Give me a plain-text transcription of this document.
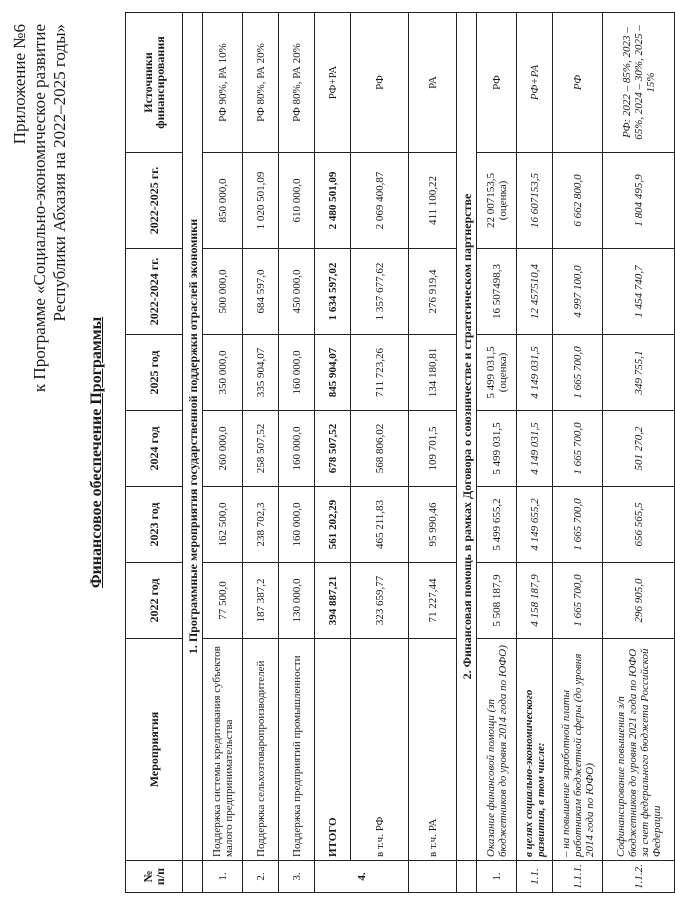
Приложение №6 к Программе «Социально-экономическое развитие Республики Абхазия на 2022–2025 годы»
Финансовое обеспечение Программы
№ п/п	Мероприятия	2022 год	2023 год	2024 год	2025 год	2022-2024 гг.	2022-2025 гг.	Источники финансирования
	1. Программные мероприятия государственной поддержки отраслей экономики							
1.	Поддержка системы кредитования субъектов малого предпринимательства	77 500,0	162 500,0	260 000,0	350 000,0	500 000,0	850 000,0	РФ 90%, РА 10%
2.	Поддержка сельхозтоваропроизводителей	187 387,2	238 702,3	258 507,52	335 904,07	684 597,0	1 020 501,09	РФ 80%, РА 20%
3.	Поддержка предприятий промышленности	130 000,0	160 000,0	160 000,0	160 000,0	450 000,0	610 000,0	РФ 80%, РА 20%
4.	ИТОГО	394 887,21	561 202,29	678 507,52	845 904,07	1 634 597,02	2 480 501,09	РФ+РА
	в т.ч. РФ	323 659,77	465 211,83	568 806,02	711 723,26	1 357 677,62	2 069 400,87	РФ
	в т.ч. РА	71 227,44	95 990,46	109 701,5	134 180,81	276 919,4	411 100,22	РА
	2. Финансовая помощь в рамках Договора о союзничестве и стратегическом партнерстве							
1.	Оказание финансовой помощи (зп бюджетников до уровня 2014 года по ЮФО)	5 508 187,9	5 499 655,2	5 499 031,5	5 499 031,5 (оценка)	16 507498,3	22 007153,5 (оценка)	РФ
1.1.	в целях социально-экономического развития, в том числе:	4 158 187,9	4 149 655,2	4 149 031,5	4 149 031,5	12 457510,4	16 607153,5	РФ+РА
1.1.1.	– на повышение заработной платы работникам бюджетной сферы (до уровня 2014 года по ЮФО)	1 665 700,0	1 665 700,0	1 665 700,0	1 665 700,0	4 997 100,0	6 662 800,0	РФ
1.1.2.	Софинансирование повышения з/п бюджетников до уровня 2021 года по ЮФО за счет федерального бюджета Российской Федерации	296 905,0	656 565,5	501 270,2	349 755,1	1 454 740,7	1 804 495,9	РФ: 2022 – 85%, 2023 – 65%, 2024 – 30%, 2025 – 15%
